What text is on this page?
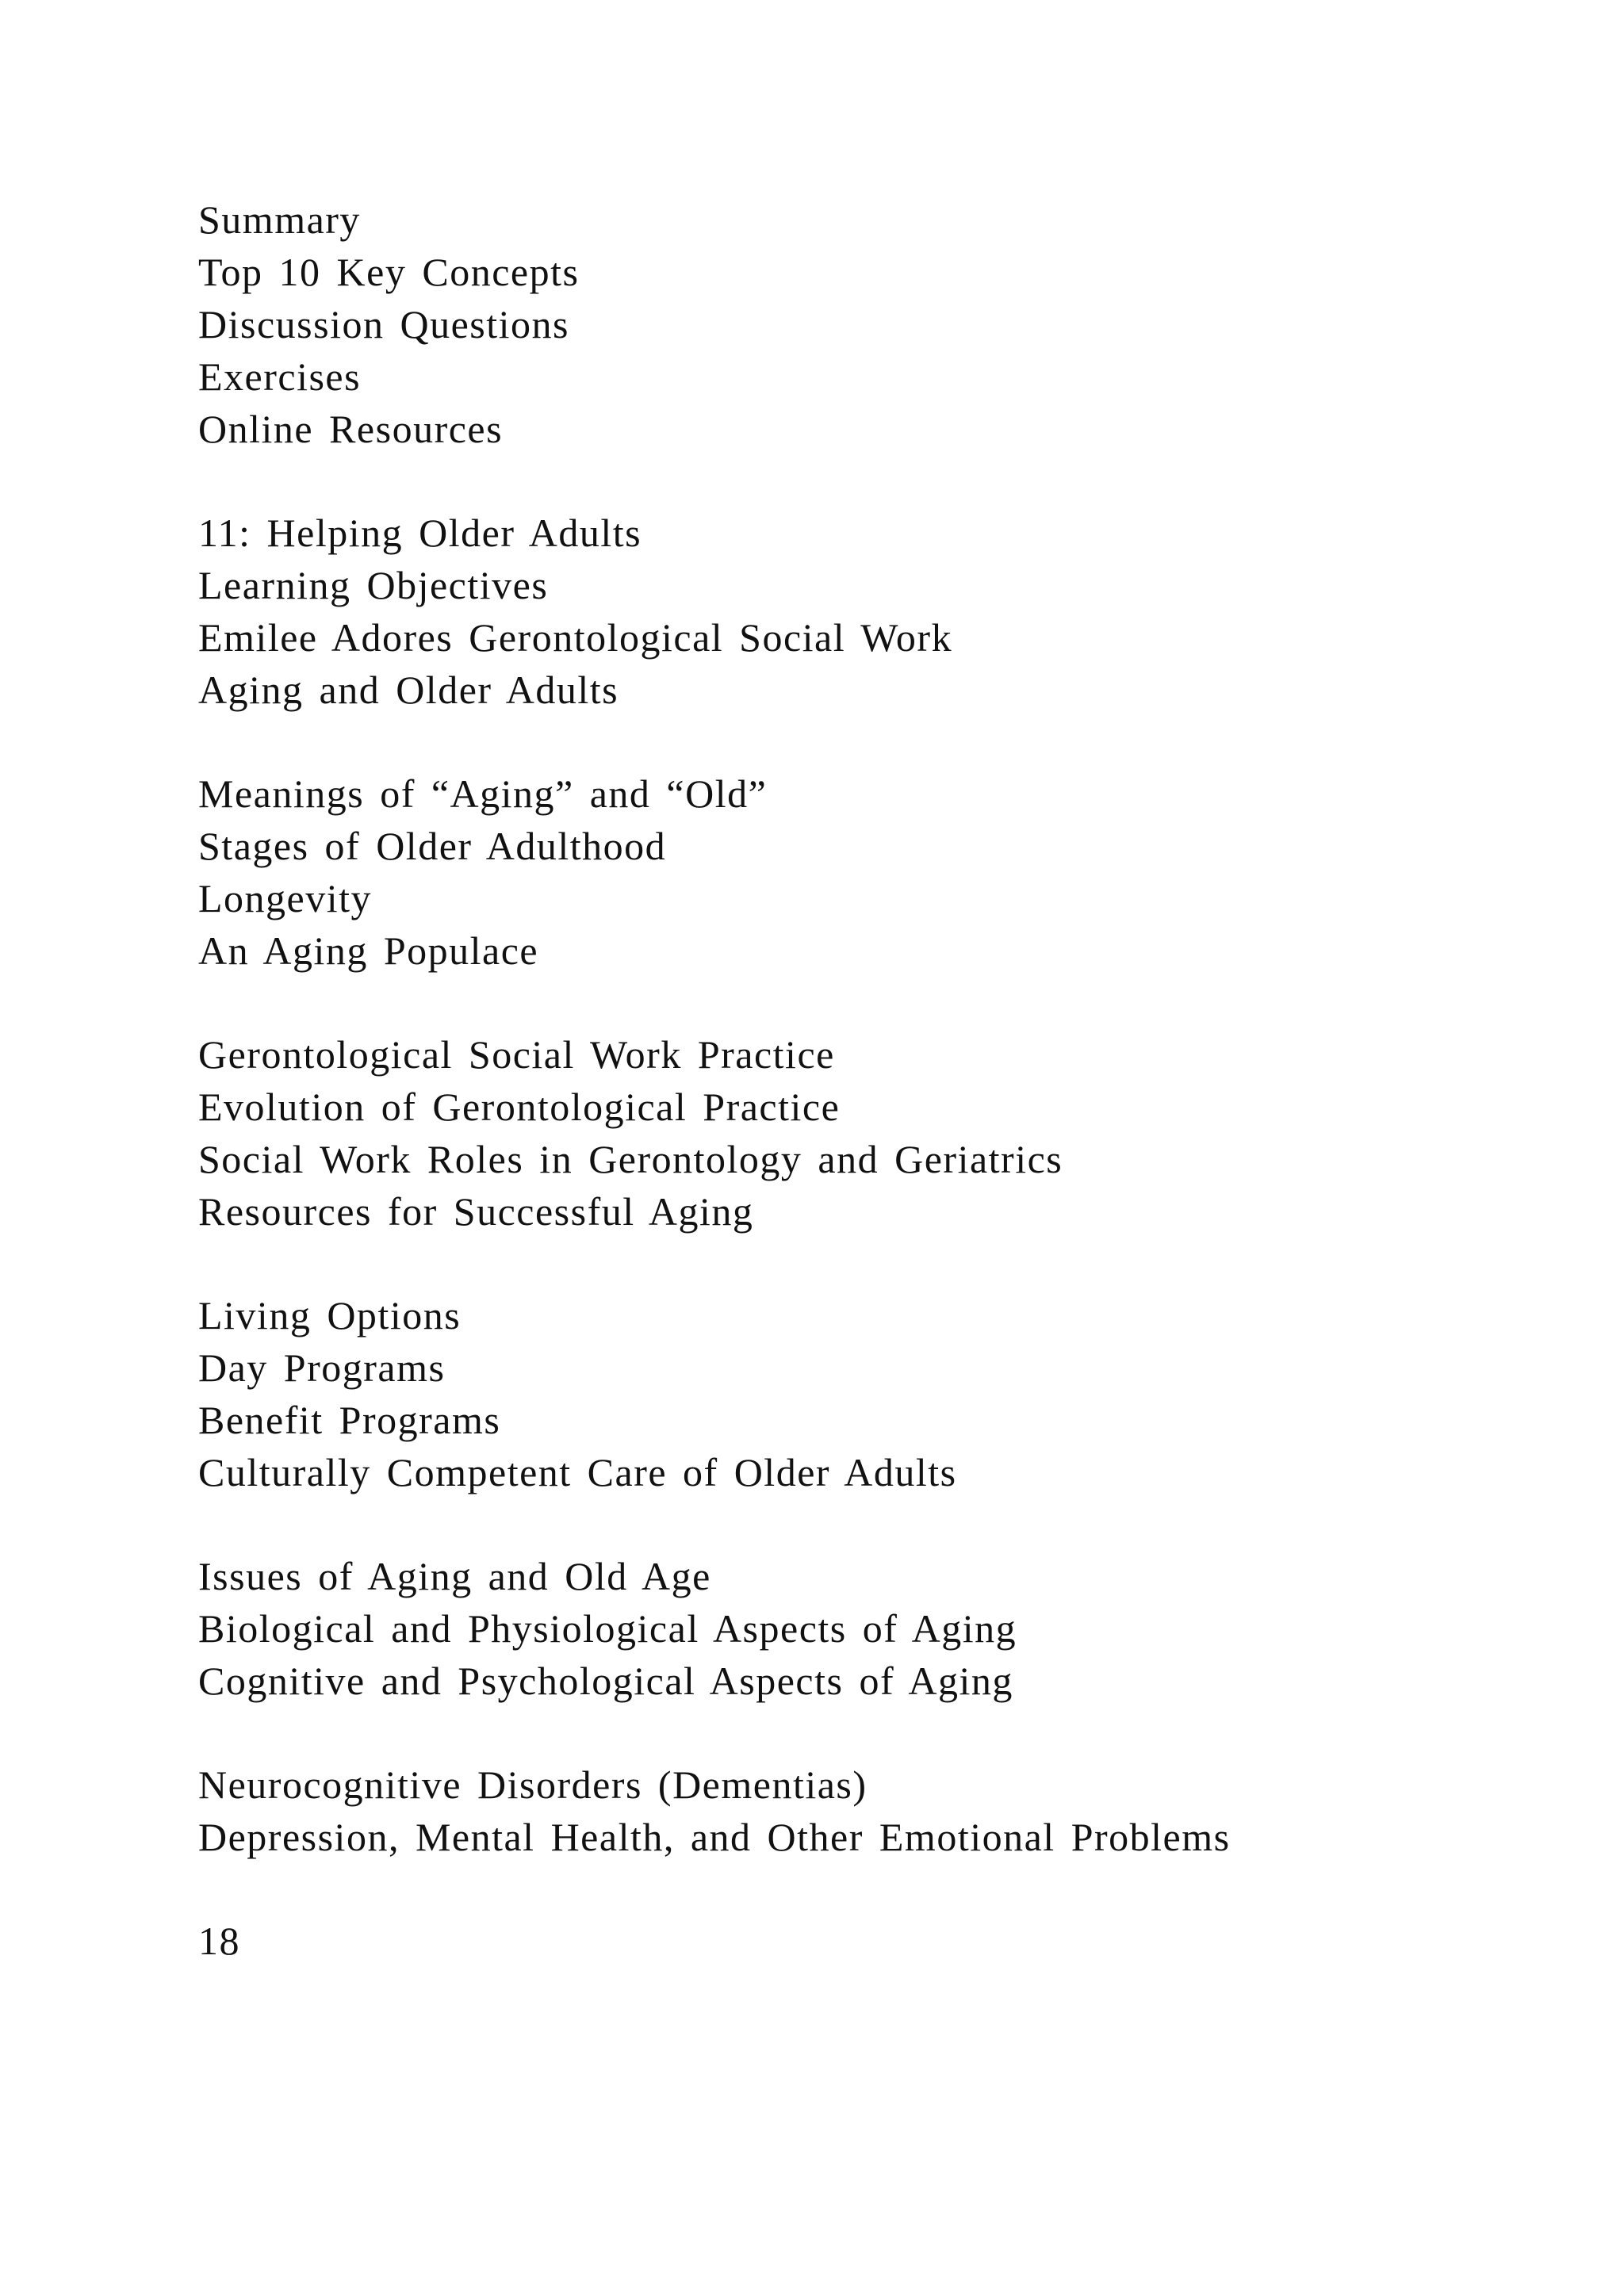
Summary
Top 10 Key Concepts
Discussion Questions
Exercises
Online Resources
11: Helping Older Adults
Learning Objectives
Emilee Adores Gerontological Social Work
Aging and Older Adults
Meanings of “Aging” and “Old”
Stages of Older Adulthood
Longevity
An Aging Populace
Gerontological Social Work Practice
Evolution of Gerontological Practice
Social Work Roles in Gerontology and Geriatrics
Resources for Successful Aging
Living Options
Day Programs
Benefit Programs
Culturally Competent Care of Older Adults
Issues of Aging and Old Age
Biological and Physiological Aspects of Aging
Cognitive and Psychological Aspects of Aging
Neurocognitive Disorders (Dementias)
Depression, Mental Health, and Other Emotional Problems
18
